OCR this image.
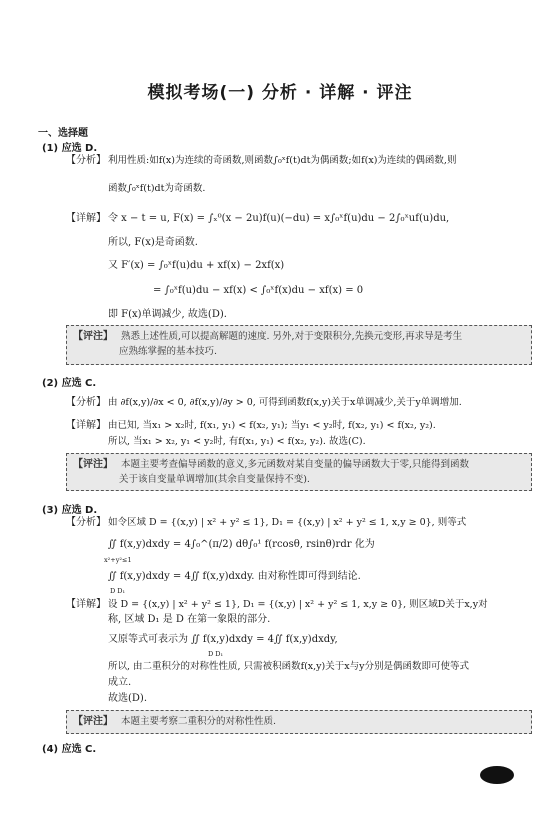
模拟考场(一) 分析 · 详解 · 评注
一、选择题
(1) 应选 D.
【分析】 利用性质:如f(x)为连续的奇函数,则函数∫₀ˣf(t)dt为偶函数;如f(x)为连续的偶函数,则
函数∫₀ˣf(t)dt为奇函数.
【详解】 令 x − t = u, F(x) = ∫ₓ⁰(x − 2u)f(u)(−du) = x∫₀ˣf(u)du − 2∫₀ˣuf(u)du,
所以, F(x)是奇函数.
又 F′(x) = ∫₀ˣf(u)du + xf(x) − 2xf(x)
= ∫₀ˣf(u)du − xf(x) < ∫₀ˣf(x)du − xf(x) = 0
即 F(x)单调减少, 故选(D).
【评注】 熟悉上述性质,可以提高解题的速度. 另外,对于变限积分,先换元变形,再求导是考生
应熟练掌握的基本技巧.
(2) 应选 C.
【分析】 由 ∂f(x,y)/∂x < 0, ∂f(x,y)/∂y > 0, 可得到函数f(x,y)关于x单调减少,关于y单调增加.
【详解】 由已知, 当x₁ > x₂时, f(x₁, y₁) < f(x₂, y₁); 当y₁ < y₂时, f(x₂, y₁) < f(x₂, y₂).
所以, 当x₁ > x₂, y₁ < y₂时, 有f(x₁, y₁) < f(x₂, y₂). 故选(C).
【评注】 本题主要考查偏导函数的意义,多元函数对某自变量的偏导函数大于零,只能得到函数
关于该自变量单调增加(其余自变量保持不变).
(3) 应选 D.
【分析】 如令区域 D = {(x,y) | x² + y² ≤ 1}, D₁ = {(x,y) | x² + y² ≤ 1, x,y ≥ 0}, 则等式
∬ f(x,y)dxdy = 4∫₀^(π/2) dθ∫₀¹ f(rcosθ, rsinθ)rdr 化为
x²+y²≤1
∬ f(x,y)dxdy = 4∬ f(x,y)dxdy. 由对称性即可得到结论.
D D₁
【详解】 设 D = {(x,y) | x² + y² ≤ 1}, D₁ = {(x,y) | x² + y² ≤ 1, x,y ≥ 0}, 则区域D关于x,y对
称, 区域 D₁ 是 D 在第一象限的部分.
又原等式可表示为 ∬ f(x,y)dxdy = 4∬ f(x,y)dxdy,
D D₁
所以, 由二重积分的对称性性质, 只需被积函数f(x,y)关于x与y分别是偶函数即可使等式
成立.
故选(D).
【评注】 本题主要考察二重积分的对称性性质.
(4) 应选 C.
